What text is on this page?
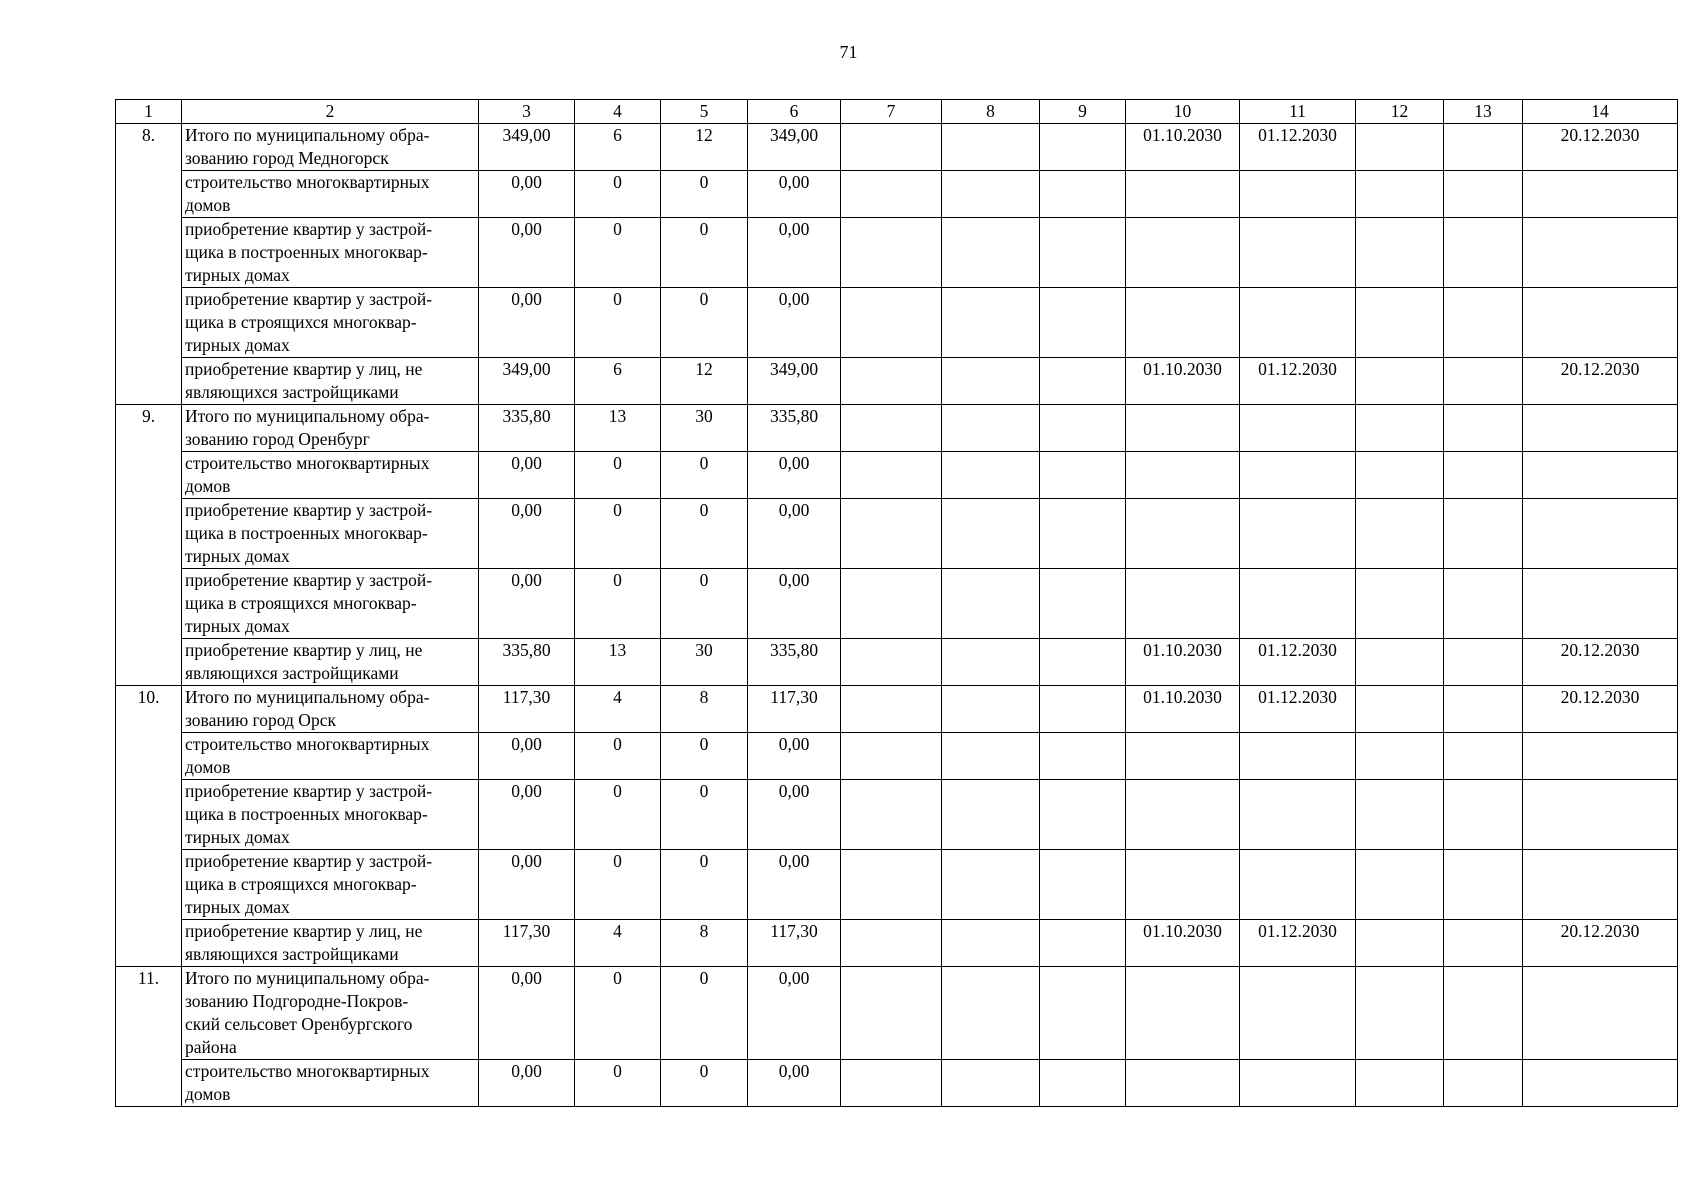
71
1	2	3	4	5	6	7	8	9	10	11	12	13	14
8.	Итого по муниципальному обра-
зованию город Медногорск	349,00	6	12	349,00				01.10.2030	01.12.2030			20.12.2030

	строительство многоквартирных
домов	0,00	0	0	0,00								

	приобретение квартир у застрой-
щика в построенных многоквар-
тирных домах	0,00	0	0	0,00								

	приобретение квартир у застрой-
щика в строящихся многоквар-
тирных домах	0,00	0	0	0,00								

	приобретение квартир у лиц, не
являющихся застройщиками	349,00	6	12	349,00				01.10.2030	01.12.2030			20.12.2030

9.	Итого по муниципальному обра-
зованию город Оренбург	335,80	13	30	335,80								

	строительство многоквартирных
домов	0,00	0	0	0,00								

	приобретение квартир у застрой-
щика в построенных многоквар-
тирных домах	0,00	0	0	0,00								

	приобретение квартир у застрой-
щика в строящихся многоквар-
тирных домах	0,00	0	0	0,00								

	приобретение квартир у лиц, не
являющихся застройщиками	335,80	13	30	335,80				01.10.2030	01.12.2030			20.12.2030

10.	Итого по муниципальному обра-
зованию город Орск	117,30	4	8	117,30				01.10.2030	01.12.2030			20.12.2030

	строительство многоквартирных
домов	0,00	0	0	0,00								

	приобретение квартир у застрой-
щика в построенных многоквар-
тирных домах	0,00	0	0	0,00								

	приобретение квартир у застрой-
щика в строящихся многоквар-
тирных домах	0,00	0	0	0,00								

	приобретение квартир у лиц, не
являющихся застройщиками	117,30	4	8	117,30				01.10.2030	01.12.2030			20.12.2030

11.	Итого по муниципальному обра-
зованию Подгородне-Покров-
ский сельсовет Оренбургского
района	0,00	0	0	0,00								

	строительство многоквартирных
домов	0,00	0	0	0,00								
